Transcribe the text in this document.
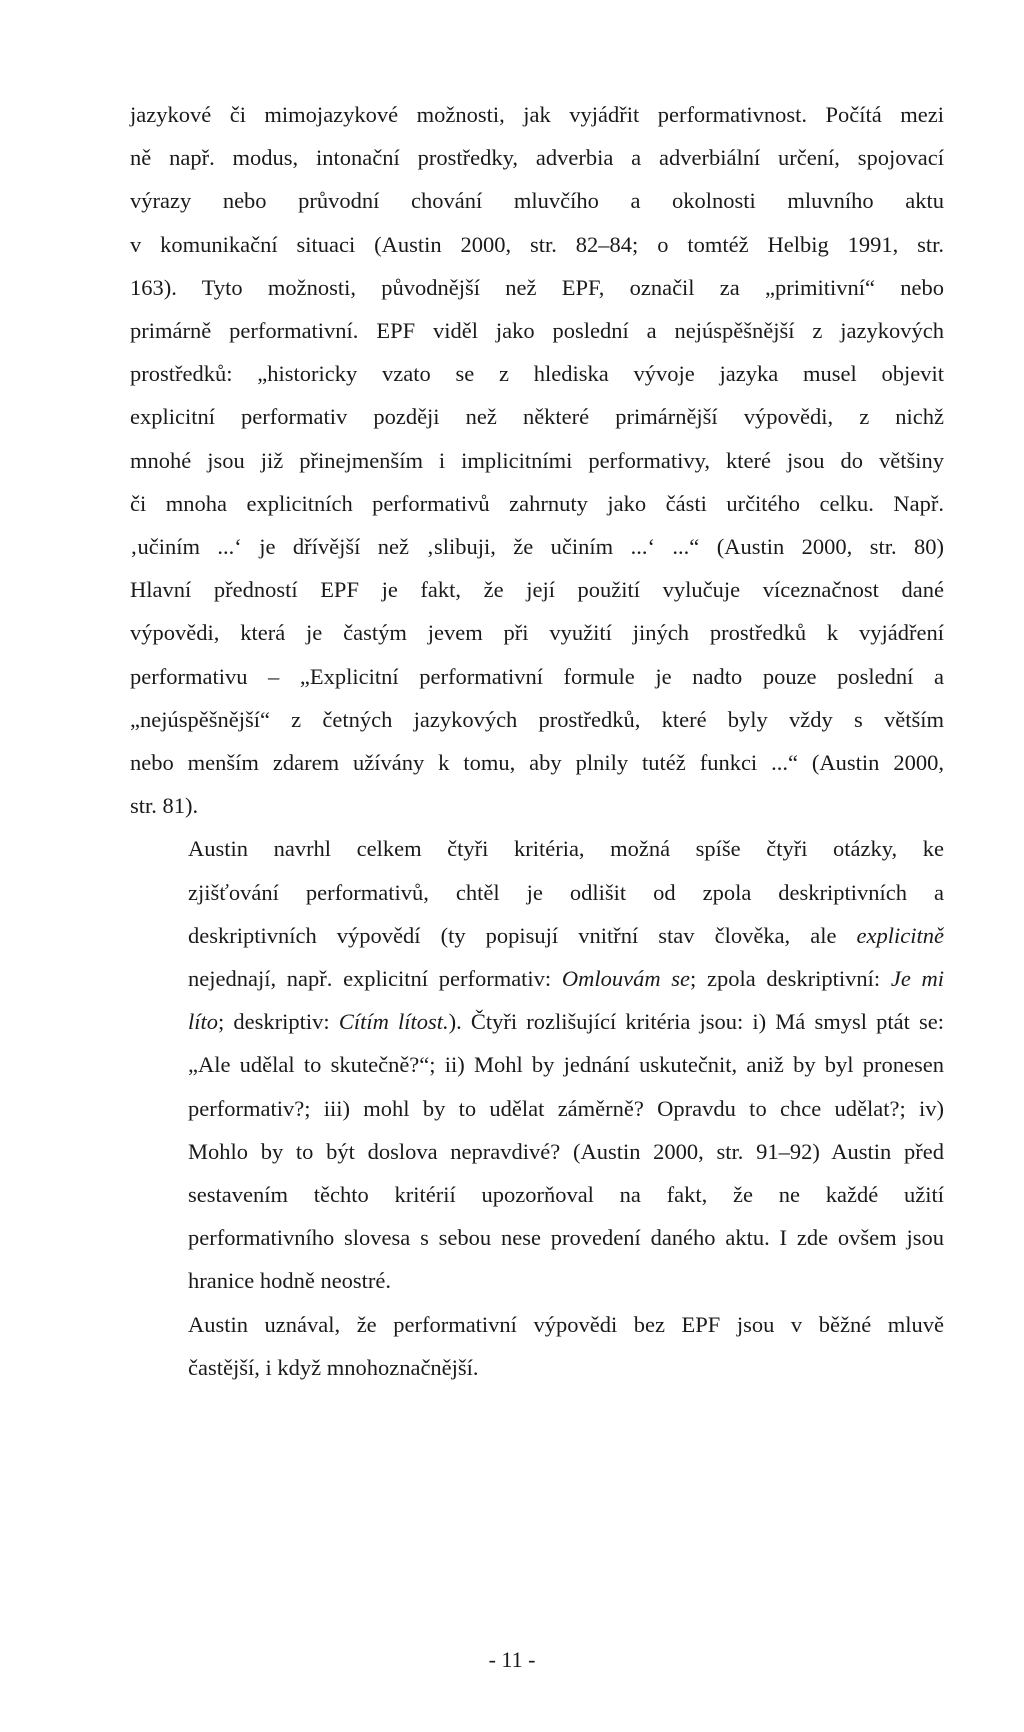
jazykové či mimojazykové možnosti, jak vyjádřit performativnost. Počítá mezi
ně např. modus, intonační prostředky, adverbia a adverbiální určení, spojovací
výrazy nebo průvodní chování mluvčího a okolnosti mluvního aktu
v komunikační situaci (Austin 2000, str. 82–84; o tomtéž Helbig 1991, str.
163). Tyto možnosti, původnější než EPF, označil za „primitivní“ nebo
primárně performativní. EPF viděl jako poslední a nejúspěšnější z jazykových
prostředků: „historicky vzato se z hlediska vývoje jazyka musel objevit
explicitní performativ později než některé primárnější výpovědi, z nichž
mnohé jsou již přinejmenším i implicitními performativy, které jsou do většiny
či mnoha explicitních performativů zahrnuty jako části určitého celku. Např.
‚učiním ...‘ je dřívější než ‚slibuji, že učiním ...‘ ...“ (Austin 2000, str. 80)
Hlavní předností EPF je fakt, že její použití vylučuje víceznačnost dané
výpovědi, která je častým jevem při využití jiných prostředků k vyjádření
performativu – „Explicitní performativní formule je nadto pouze poslední a
„nejúspěšnější“ z četných jazykových prostředků, které byly vždy s větším
nebo menším zdarem užívány k tomu, aby plnily tutéž funkci ...“ (Austin 2000,
str. 81).

Austin navrhl celkem čtyři kritéria, možná spíše čtyři otázky, ke
zjišťování performativů, chtěl je odlišit od zpola deskriptivních a
deskriptivních výpovědí (ty popisují vnitřní stav člověka, ale explicitně
nejednají, např. explicitní performativ: Omlouvám se; zpola deskriptivní: Je mi
líto; deskriptiv: Cítím lítost.). Čtyři rozlišující kritéria jsou: i) Má smysl ptát se:
„Ale udělal to skutečně?“; ii) Mohl by jednání uskutečnit, aniž by byl pronesen
performativ?; iii) mohl by to udělat záměrně? Opravdu to chce udělat?; iv)
Mohlo by to být doslova nepravdivé? (Austin 2000, str. 91–92) Austin před
sestavením těchto kritérií upozorňoval na fakt, že ne každé užití
performativního slovesa s sebou nese provedení daného aktu. I zde ovšem jsou
hranice hodně neostré.

Austin uznával, že performativní výpovědi bez EPF jsou v běžné mluvě
častější, i když mnohoznačnější.

- 11 -
